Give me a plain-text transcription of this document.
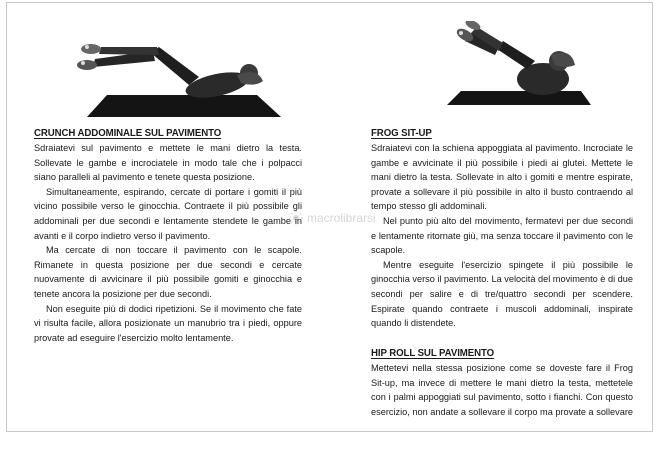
macrolibrarsi
CRUNCH ADDOMINALE SUL PAVIMENTO

Sdraiatevi sul pavimento e mettete le mani dietro la testa. Sollevate le gambe e incrociatele in modo tale che i polpacci siano paralleli al pavimento e tenete questa posizione.

Simultaneamente, espirando, cercate di portare i gomiti il più vicino possibile verso le ginocchia. Contraete il più possibile gli addominali per due secondi e lentamente stendete le gambe in avanti e il corpo indietro verso il pavimento.

Ma cercate di non toccare il pavimento con le scapole. Rimanete in questa posizione per due secondi e cercate nuovamente di avvicinare il più possibile gomiti e ginocchia e tenete ancora la posizione per due secondi.

Non eseguite più di dodici ripetizioni. Se il movimento che fate vi risulta facile, allora posizionate un manubrio tra i piedi, oppure provate ad eseguire l'esercizio molto lentamente.

FROG SIT-UP

Sdraiatevi con la schiena appoggiata al pavimento. Incrociate le gambe e avvicinate il più possibile i piedi ai glutei. Mettete le mani dietro la testa. Sollevate in alto i gomiti e mentre espirate, provate a sollevare il più possibile in alto il busto contraendo al tempo stesso gli addominali.

Nel punto più alto del movimento, fermatevi per due secondi e lentamente ritornate giù, ma senza toccare il pavimento con le scapole.

Mentre eseguite l'esercizio spingete il più possibile le ginocchia verso il pavimento. La velocità del movimento è di due secondi per salire e di tre/quattro secondi per scendere. Espirate quando contraete i muscoli addominali, inspirate quando li distendete.

HIP ROLL SUL PAVIMENTO

Mettetevi nella stessa posizione come se doveste fare il Frog Sit-up, ma invece di mettere le mani dietro la testa, mettetele con i palmi appoggiati sul pavimento, sotto i fianchi. Con questo esercizio, non andate a sollevare il corpo ma provate a sollevare
